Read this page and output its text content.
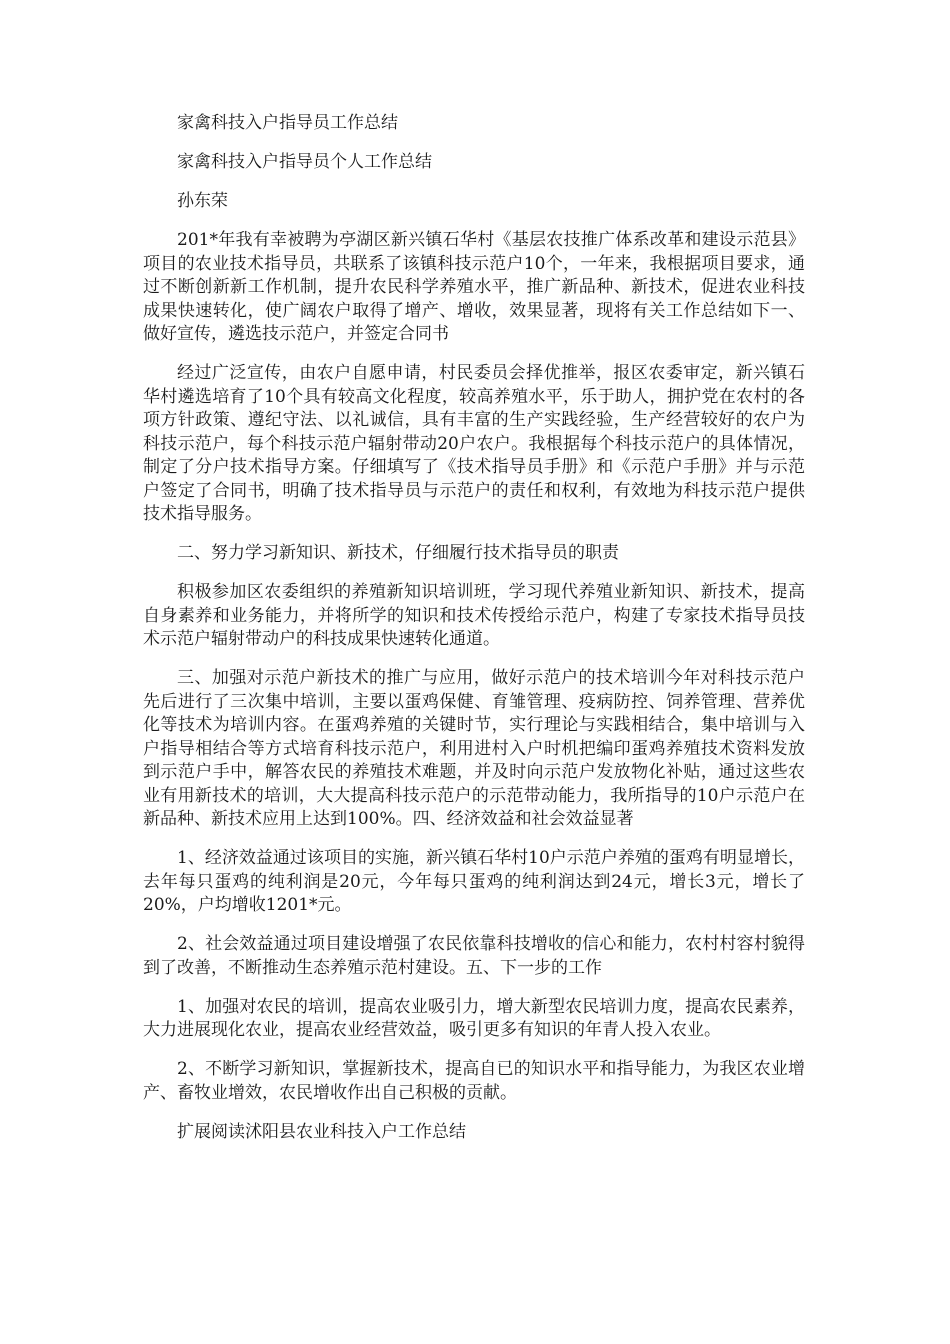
家禽科技入户指导员工作总结

家禽科技入户指导员个人工作总结

孙东荣

201*年我有幸被聘为亭湖区新兴镇石华村《基层农技推广体系改革和建设示范县》项目的农业技术指导员，共联系了该镇科技示范户10个，一年来，我根据项目要求，通过不断创新新工作机制，提升农民科学养殖水平，推广新品种、新技术，促进农业科技成果快速转化，使广阔农户取得了增产、增收，效果显著，现将有关工作总结如下一、做好宣传，遴选技示范户，并签定合同书

经过广泛宣传，由农户自愿申请，村民委员会择优推举，报区农委审定，新兴镇石华村遴选培育了10个具有较高文化程度，较高养殖水平，乐于助人，拥护党在农村的各项方针政策、遵纪守法、以礼诚信，具有丰富的生产实践经验，生产经营较好的农户为科技示范户，每个科技示范户辐射带动20户农户。我根据每个科技示范户的具体情况，制定了分户技术指导方案。仔细填写了《技术指导员手册》和《示范户手册》并与示范户签定了合同书，明确了技术指导员与示范户的责任和权利，有效地为科技示范户提供技术指导服务。

二、努力学习新知识、新技术，仔细履行技术指导员的职责

积极参加区农委组织的养殖新知识培训班，学习现代养殖业新知识、新技术，提高自身素养和业务能力，并将所学的知识和技术传授给示范户，构建了专家技术指导员技术示范户辐射带动户的科技成果快速转化通道。

三、加强对示范户新技术的推广与应用，做好示范户的技术培训今年对科技示范户先后进行了三次集中培训，主要以蛋鸡保健、育雏管理、疫病防控、饲养管理、营养优化等技术为培训内容。在蛋鸡养殖的关键时节，实行理论与实践相结合，集中培训与入户指导相结合等方式培育科技示范户，利用进村入户时机把编印蛋鸡养殖技术资料发放到示范户手中，解答农民的养殖技术难题，并及时向示范户发放物化补贴，通过这些农业有用新技术的培训，大大提高科技示范户的示范带动能力，我所指导的10户示范户在新品种、新技术应用上达到100%。四、经济效益和社会效益显著

1、经济效益通过该项目的实施，新兴镇石华村10户示范户养殖的蛋鸡有明显增长，去年每只蛋鸡的纯利润是20元，今年每只蛋鸡的纯利润达到24元，增长3元，增长了20%，户均增收1201*元。

2、社会效益通过项目建设增强了农民依靠科技增收的信心和能力，农村村容村貌得到了改善，不断推动生态养殖示范村建设。五、下一步的工作

1、加强对农民的培训，提高农业吸引力，增大新型农民培训力度，提高农民素养，大力进展现化农业，提高农业经营效益，吸引更多有知识的年青人投入农业。

2、不断学习新知识，掌握新技术，提高自已的知识水平和指导能力，为我区农业增产、畜牧业增效，农民增收作出自己积极的贡献。

扩展阅读沭阳县农业科技入户工作总结
